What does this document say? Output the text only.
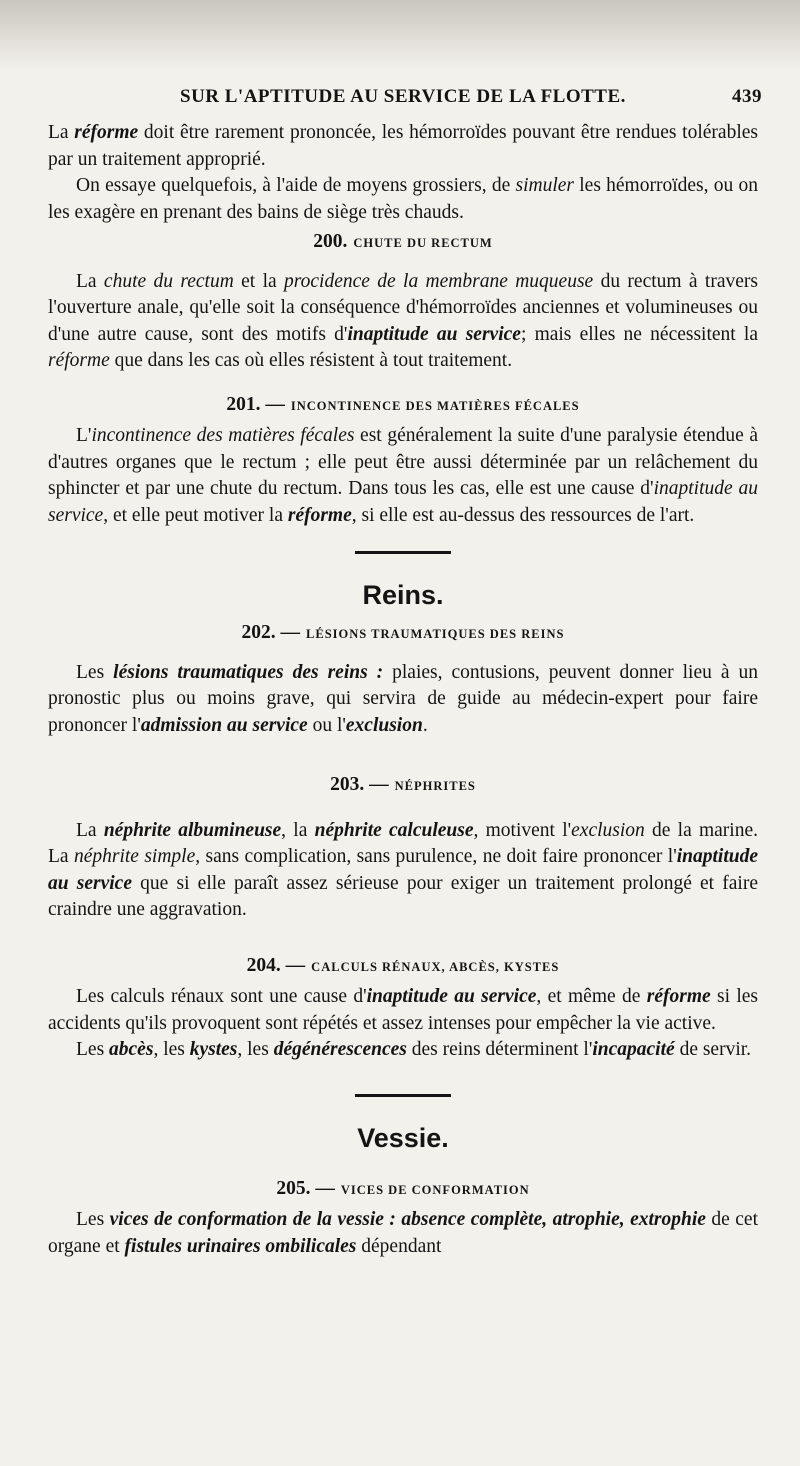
SUR L'APTITUDE AU SERVICE DE LA FLOTTE.	439

La réforme doit être rarement prononcée, les hémorroïdes pouvant être rendues tolérables par un traitement approprié.

On essaye quelquefois, à l'aide de moyens grossiers, de simuler les hémorroïdes, ou on les exagère en prenant des bains de siège très chauds.

200. CHUTE DU RECTUM

La chute du rectum et la procidence de la membrane muqueuse du rectum à travers l'ouverture anale, qu'elle soit la conséquence d'hémorroïdes anciennes et volumineuses ou d'une autre cause, sont des motifs d'inaptitude au service; mais elles ne nécessitent la réforme que dans les cas où elles résistent à tout traitement.

201. — INCONTINENCE DES MATIÈRES FÉCALES

L'incontinence des matières fécales est généralement la suite d'une paralysie étendue à d'autres organes que le rectum ; elle peut être aussi déterminée par un relâchement du sphincter et par une chute du rectum. Dans tous les cas, elle est une cause d'inaptitude au service, et elle peut motiver la réforme, si elle est au-dessus des ressources de l'art.

Reins.
202. — LÉSIONS TRAUMATIQUES DES REINS

Les lésions traumatiques des reins : plaies, contusions, peuvent donner lieu à un pronostic plus ou moins grave, qui servira de guide au médecin-expert pour faire prononcer l'admission au service ou l'exclusion.

203. — NÉPHRITES

La néphrite albumineuse, la néphrite calculeuse, motivent l'exclusion de la marine. La néphrite simple, sans complication, sans purulence, ne doit faire prononcer l'inaptitude au service que si elle paraît assez sérieuse pour exiger un traitement prolongé et faire craindre une aggravation.

204. — CALCULS RÉNAUX, ABCÈS, KYSTES

Les calculs rénaux sont une cause d'inaptitude au service, et même de réforme si les accidents qu'ils provoquent sont répétés et assez intenses pour empêcher la vie active.

Les abcès, les kystes, les dégénérescences des reins déterminent l'incapacité de servir.

Vessie.
205. — VICES DE CONFORMATION

Les vices de conformation de la vessie : absence complète, atrophie, extrophie de cet organe et fistules urinaires ombilicales dépendant
